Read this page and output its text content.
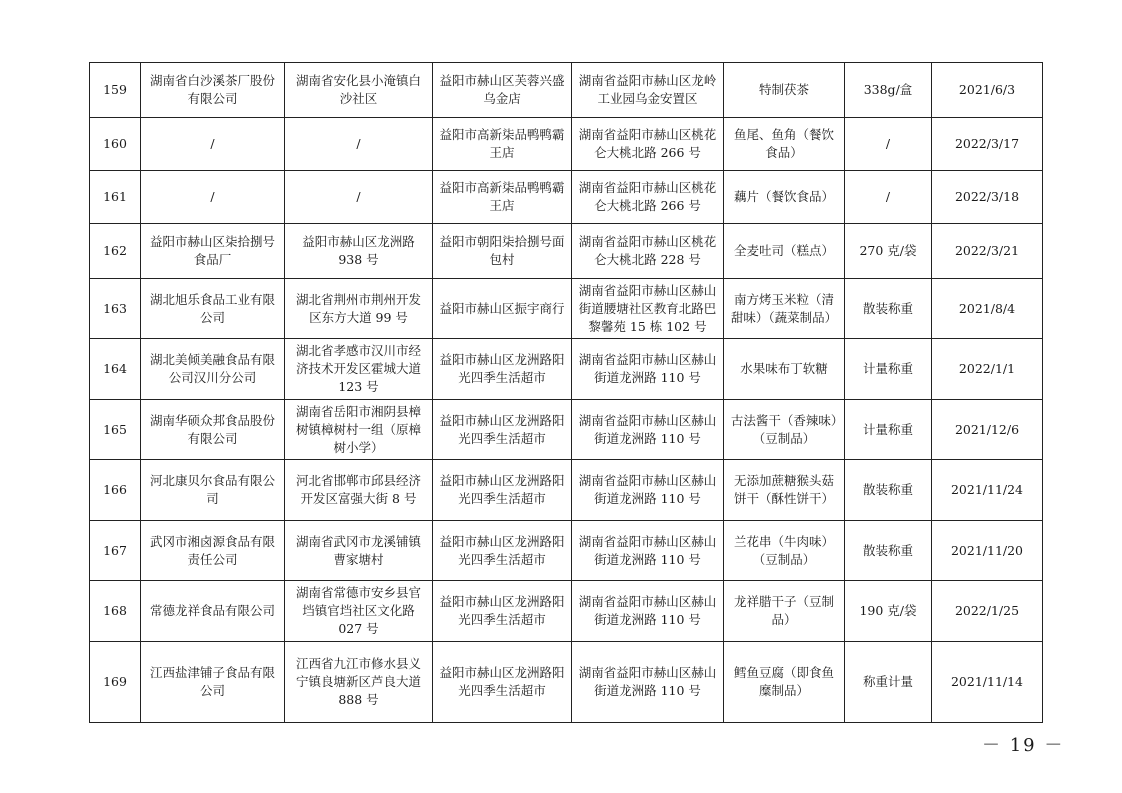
159	湖南省白沙溪茶厂股份有限公司	湖南省安化县小淹镇白沙社区	益阳市赫山区芙蓉兴盛乌金店	湖南省益阳市赫山区龙岭工业园乌金安置区	特制茯茶	338g/盒	2021/6/3
160	/	/	益阳市高新柒品鸭鸭霸王店	湖南省益阳市赫山区桃花仑大桃北路 266 号	鱼尾、鱼角（餐饮食品）	/	2022/3/17
161	/	/	益阳市高新柒品鸭鸭霸王店	湖南省益阳市赫山区桃花仑大桃北路 266 号	藕片（餐饮食品）	/	2022/3/18
162	益阳市赫山区柒拾捌号食品厂	益阳市赫山区龙洲路 938 号	益阳市朝阳柒拾捌号面包村	湖南省益阳市赫山区桃花仑大桃北路 228 号	全麦吐司（糕点）	270 克/袋	2022/3/21
163	湖北旭乐食品工业有限公司	湖北省荆州市荆州开发区东方大道 99 号	益阳市赫山区振宇商行	湖南省益阳市赫山区赫山街道腰塘社区教育北路巴黎馨苑 15 栋 102 号	南方烤玉米粒（清甜味）（蔬菜制品）	散装称重	2021/8/4
164	湖北美倾美融食品有限公司汉川分公司	湖北省孝感市汉川市经济技术开发区霍城大道 123 号	益阳市赫山区龙洲路阳光四季生活超市	湖南省益阳市赫山区赫山街道龙洲路 110 号	水果味布丁软糖	计量称重	2022/1/1
165	湖南华硕众邦食品股份有限公司	湖南省岳阳市湘阴县樟树镇樟树村一组（原樟树小学）	益阳市赫山区龙洲路阳光四季生活超市	湖南省益阳市赫山区赫山街道龙洲路 110 号	古法酱干（香辣味）（豆制品）	计量称重	2021/12/6
166	河北康贝尔食品有限公司	河北省邯郸市邱县经济开发区富强大街 8 号	益阳市赫山区龙洲路阳光四季生活超市	湖南省益阳市赫山区赫山街道龙洲路 110 号	无添加蔗糖猴头菇饼干（酥性饼干）	散装称重	2021/11/24
167	武冈市湘卤源食品有限责任公司	湖南省武冈市龙溪铺镇曹家塘村	益阳市赫山区龙洲路阳光四季生活超市	湖南省益阳市赫山区赫山街道龙洲路 110 号	兰花串（牛肉味）（豆制品）	散装称重	2021/11/20
168	常德龙祥食品有限公司	湖南省常德市安乡县官垱镇官垱社区文化路 027 号	益阳市赫山区龙洲路阳光四季生活超市	湖南省益阳市赫山区赫山街道龙洲路 110 号	龙祥腊干子（豆制品）	190 克/袋	2022/1/25
169	江西盐津铺子食品有限公司	江西省九江市修水县义宁镇良塘新区芦良大道 888 号	益阳市赫山区龙洲路阳光四季生活超市	湖南省益阳市赫山区赫山街道龙洲路 110 号	鳕鱼豆腐（即食鱼糜制品）	称重计量	2021/11/14
－ 19 －
